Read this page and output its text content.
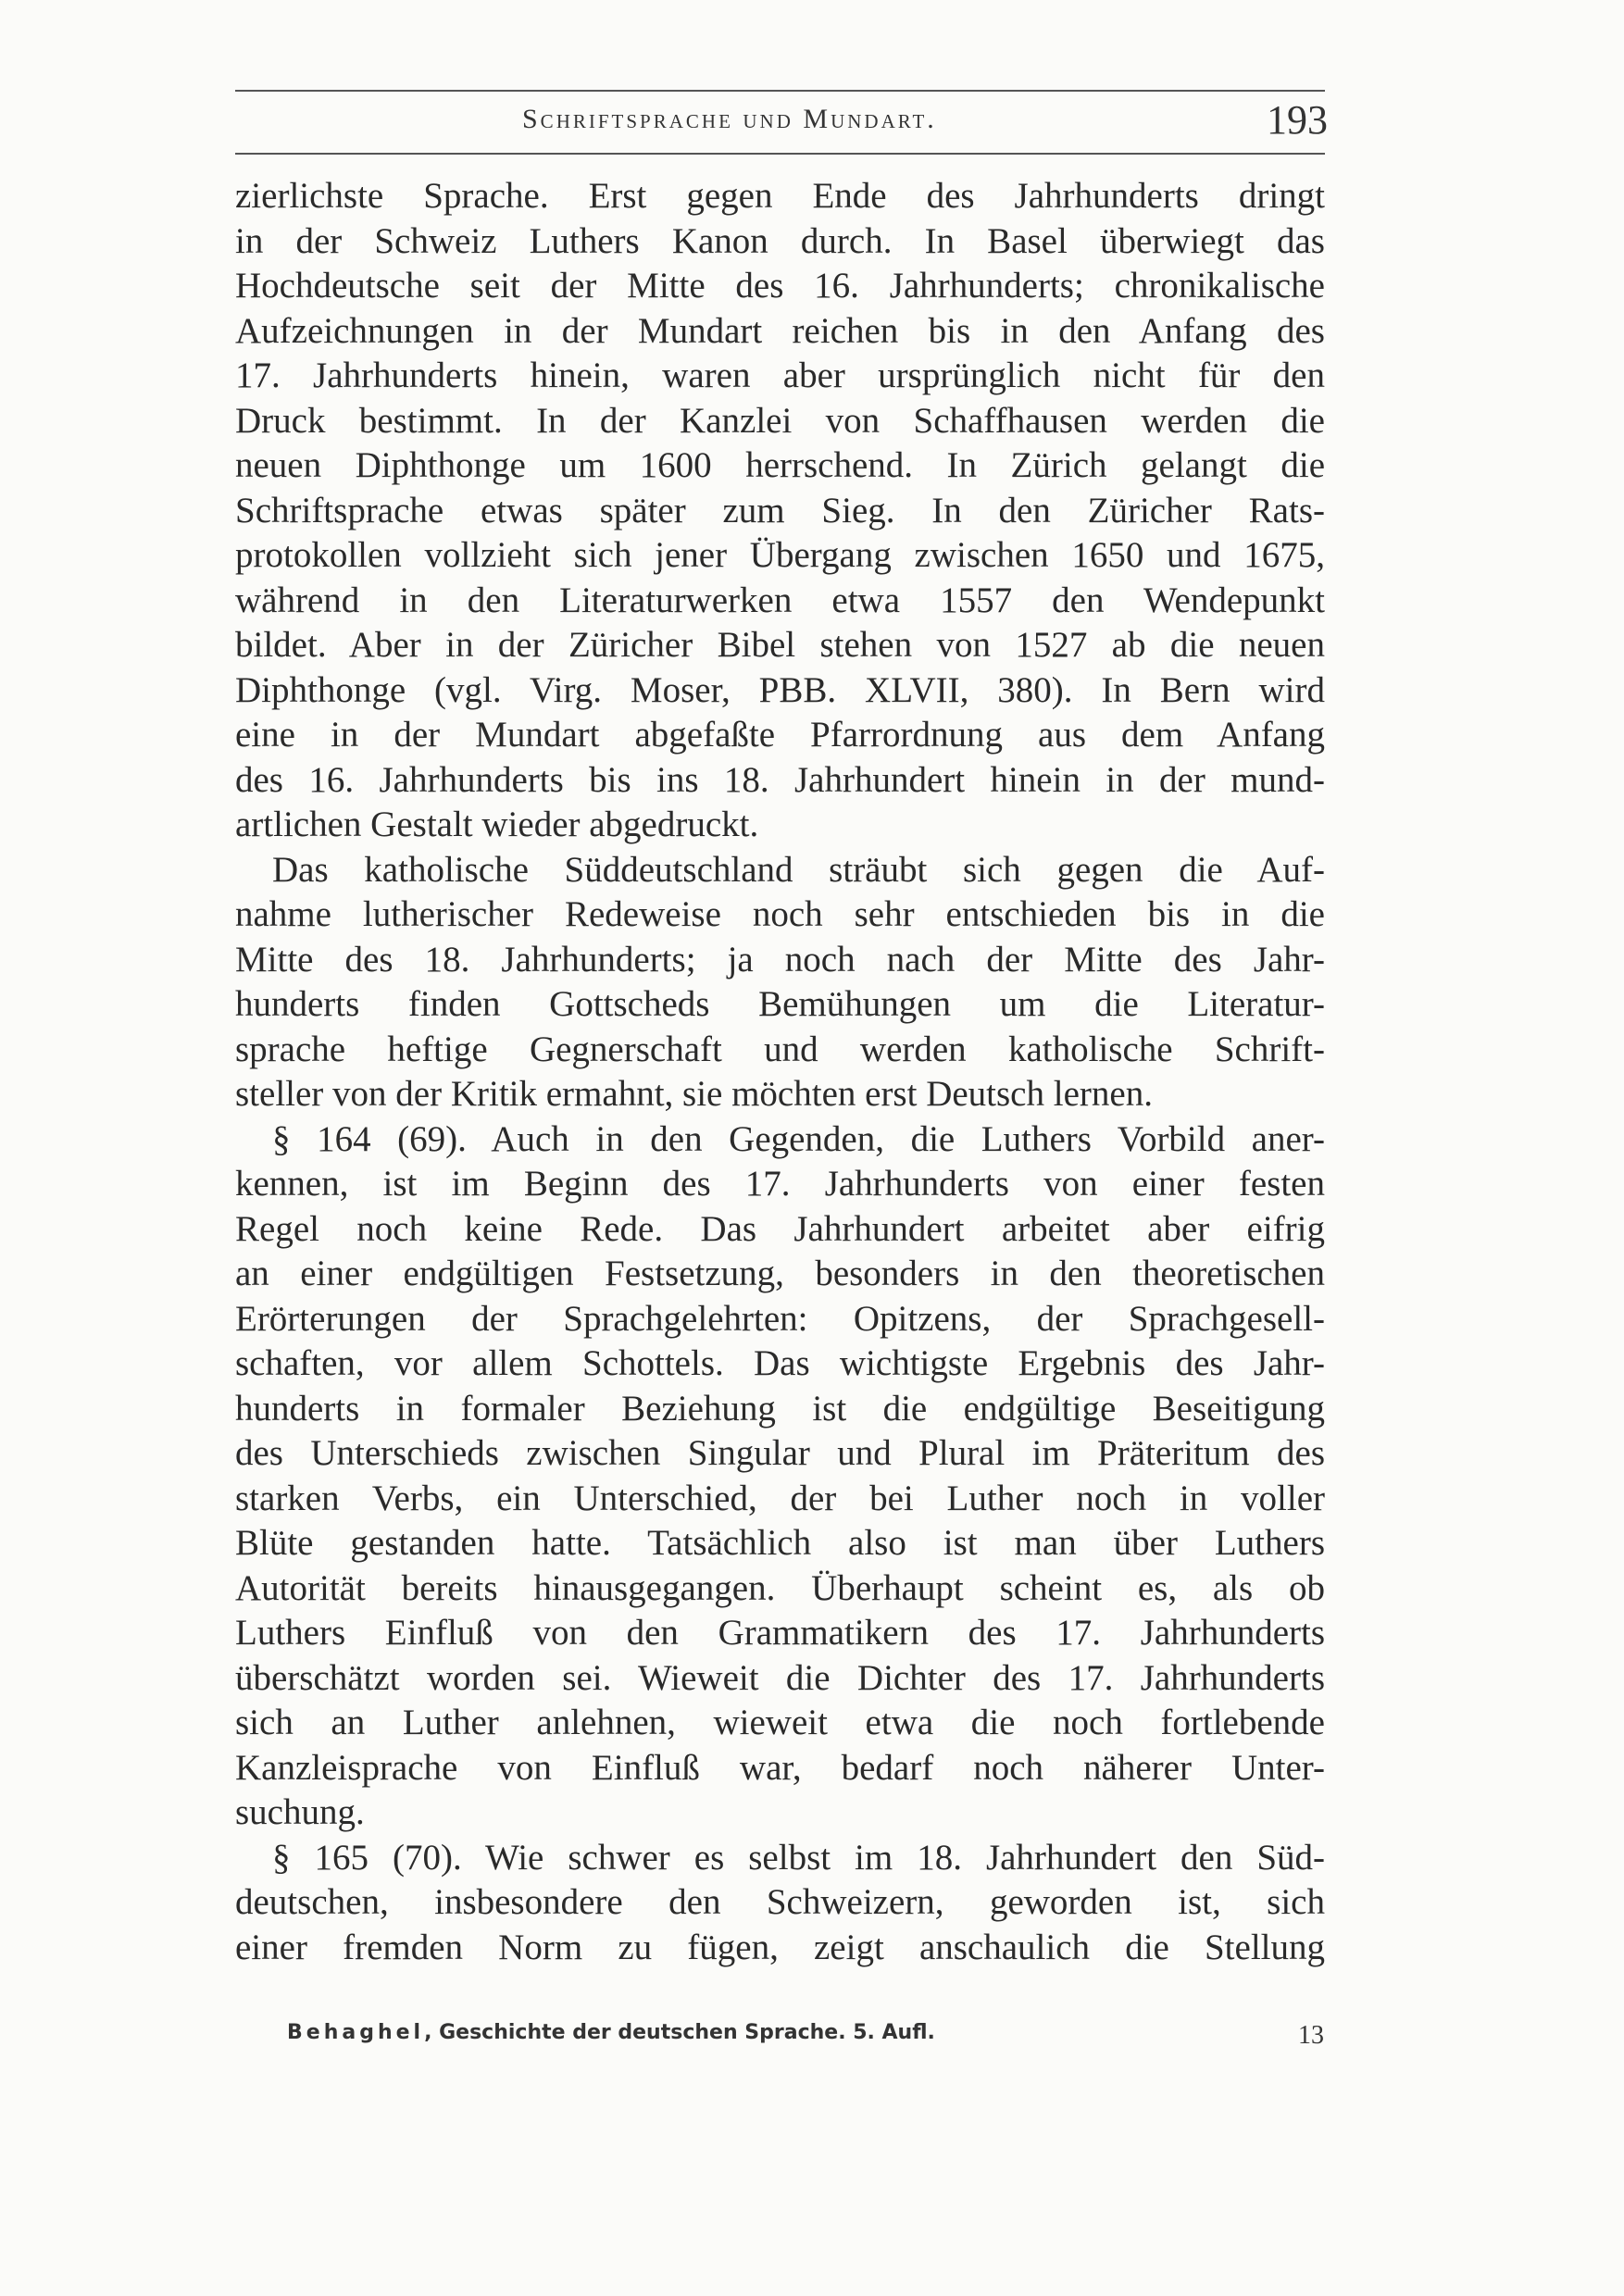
Schriftsprache und Mundart.	193
zierlichste Sprache. Erst gegen Ende des Jahrhunderts dringt
in der Schweiz Luthers Kanon durch. In Basel überwiegt das
Hochdeutsche seit der Mitte des 16. Jahrhunderts; chronikalische
Aufzeichnungen in der Mundart reichen bis in den Anfang des
17. Jahrhunderts hinein, waren aber ursprünglich nicht für den
Druck bestimmt. In der Kanzlei von Schaffhausen werden die
neuen Diphthonge um 1600 herrschend. In Zürich gelangt die
Schriftsprache etwas später zum Sieg. In den Züricher Rats-
protokollen vollzieht sich jener Übergang zwischen 1650 und 1675,
während in den Literaturwerken etwa 1557 den Wendepunkt
bildet. Aber in der Züricher Bibel stehen von 1527 ab die neuen
Diphthonge (vgl. Virg. Moser, PBB. XLVII, 380). In Bern wird
eine in der Mundart abgefaßte Pfarrordnung aus dem Anfang
des 16. Jahrhunderts bis ins 18. Jahrhundert hinein in der mund-
artlichen Gestalt wieder abgedruckt.
Das katholische Süddeutschland sträubt sich gegen die Auf-
nahme lutherischer Redeweise noch sehr entschieden bis in die
Mitte des 18. Jahrhunderts; ja noch nach der Mitte des Jahr-
hunderts finden Gottscheds Bemühungen um die Literatur-
sprache heftige Gegnerschaft und werden katholische Schrift-
steller von der Kritik ermahnt, sie möchten erst Deutsch lernen.
§ 164 (69). Auch in den Gegenden, die Luthers Vorbild aner-
kennen, ist im Beginn des 17. Jahrhunderts von einer festen
Regel noch keine Rede. Das Jahrhundert arbeitet aber eifrig
an einer endgültigen Festsetzung, besonders in den theoretischen
Erörterungen der Sprachgelehrten: Opitzens, der Sprachgesell-
schaften, vor allem Schottels. Das wichtigste Ergebnis des Jahr-
hunderts in formaler Beziehung ist die endgültige Beseitigung
des Unterschieds zwischen Singular und Plural im Präteritum des
starken Verbs, ein Unterschied, der bei Luther noch in voller
Blüte gestanden hatte. Tatsächlich also ist man über Luthers
Autorität bereits hinausgegangen. Überhaupt scheint es, als ob
Luthers Einfluß von den Grammatikern des 17. Jahrhunderts
überschätzt worden sei. Wieweit die Dichter des 17. Jahrhunderts
sich an Luther anlehnen, wieweit etwa die noch fortlebende
Kanzleisprache von Einfluß war, bedarf noch näherer Unter-
suchung.
§ 165 (70). Wie schwer es selbst im 18. Jahrhundert den Süd-
deutschen, insbesondere den Schweizern, geworden ist, sich
einer fremden Norm zu fügen, zeigt anschaulich die Stellung
Behaghel, Geschichte der deutschen Sprache. 5. Aufl.	13
